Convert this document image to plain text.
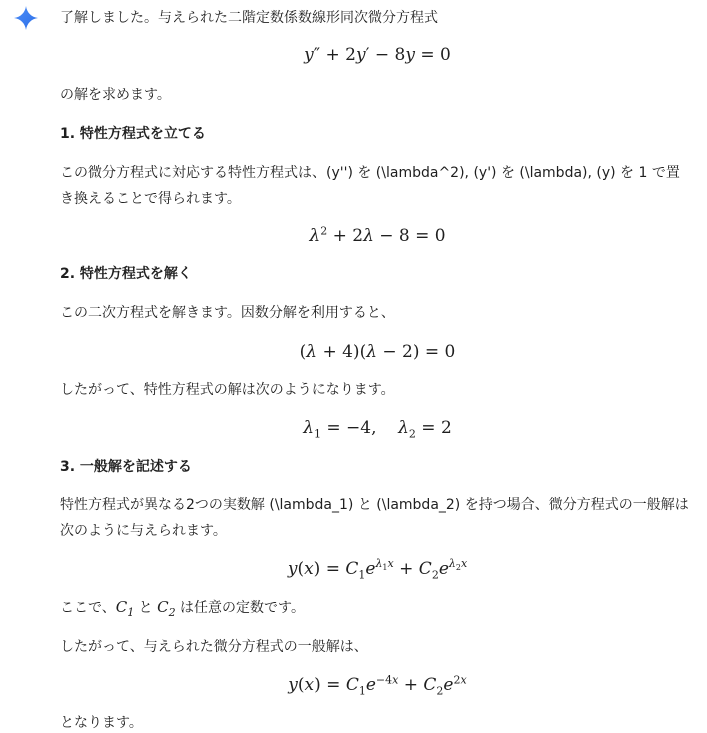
了解しました。与えられた二階定数係数線形同次微分方程式
y″ + 2y′ − 8y = 0
の解を求めます。
1. 特性方程式を立てる
この微分方程式に対応する特性方程式は、(y'') を (\lambda^2), (y') を (\lambda), (y) を 1 で置き換えることで得られます。
$\lambda^2 + 2\lambda - 8 = 0$
2. 特性方程式を解く
この二次方程式を解きます。因数分解を利用すると、
(λ + 4)(λ − 2) = 0
したがって、特性方程式の解は次のようになります。
$\lambda_1 = -4$,    $\lambda_2 = 2$
3. 一般解を記述する
特性方程式が異なる2つの実数解 (\lambda_1) と (\lambda_2) を持つ場合、微分方程式の一般解は次のように与えられます。
$y(x) = C_1e^{\lambda_1x} + C_2e^{\lambda_2x}$
ここで、$C_1$ と $C_2$ は任意の定数です。
したがって、与えられた微分方程式の一般解は、
$y(x) = C_1e^{-4x} + C_2e^{2x}$
となります。
